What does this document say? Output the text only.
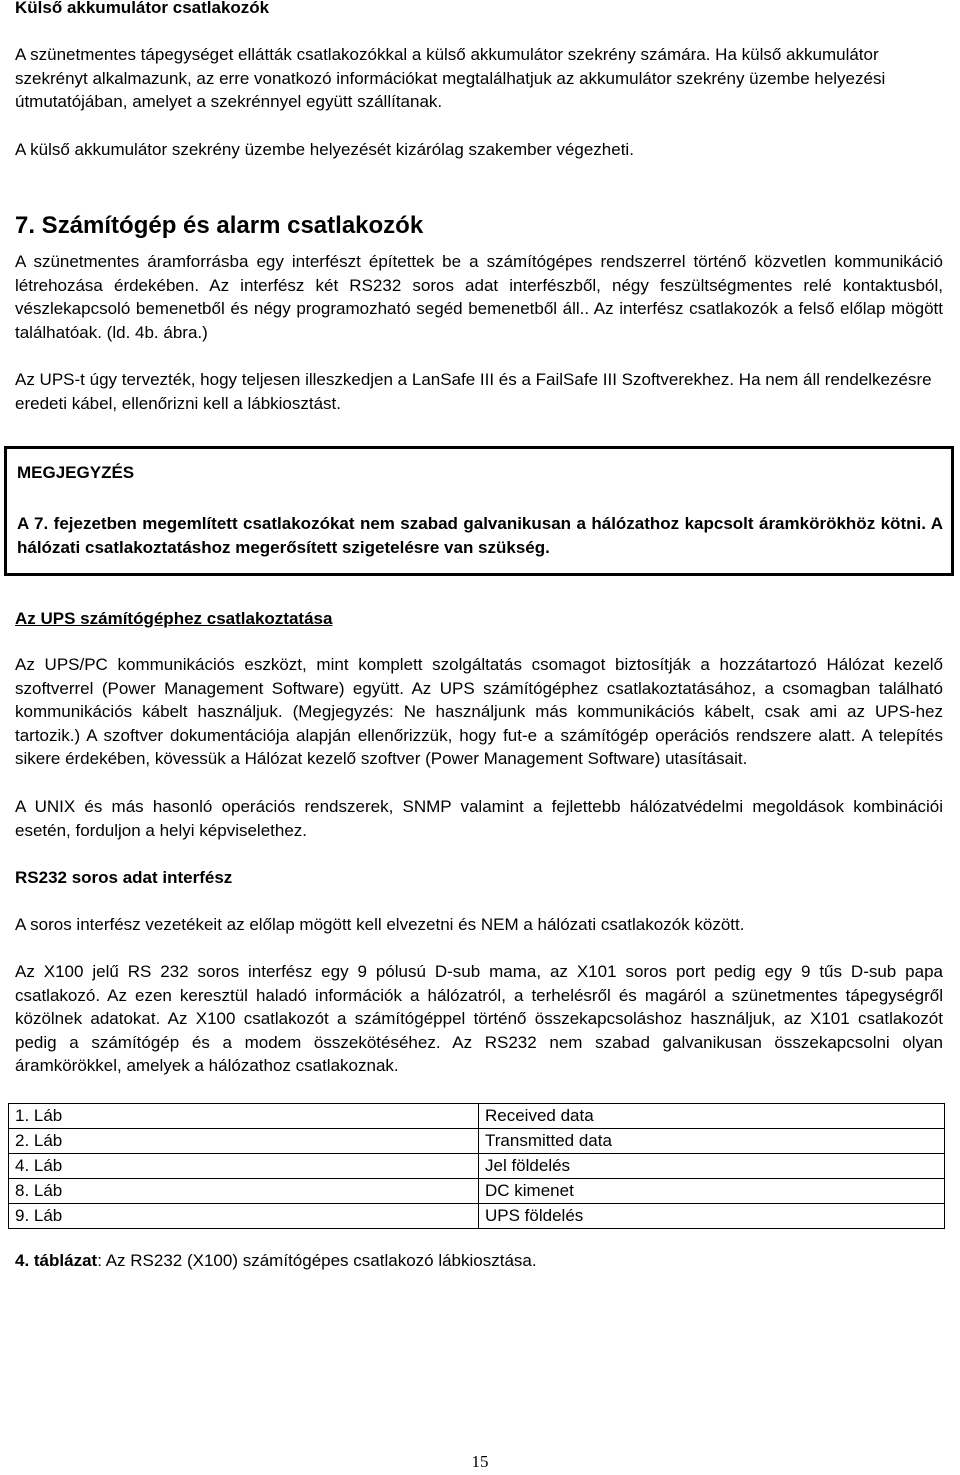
Külső akkumulátor csatlakozók

A szünetmentes tápegységet ellátták csatlakozókkal a külső akkumulátor szekrény számára. Ha külső akkumulátor szekrényt alkalmazunk, az erre vonatkozó információkat megtalálhatjuk az akkumulátor szekrény üzembe helyezési útmutatójában, amelyet a szekrénnyel együtt szállítanak.

A külső akkumulátor szekrény üzembe helyezését kizárólag szakember végezheti.

7. Számítógép és alarm csatlakozók

A szünetmentes áramforrásba egy interfészt építettek be a számítógépes rendszerrel történő közvetlen kommunikáció létrehozása érdekében. Az interfész két RS232 soros adat interfészből, négy feszültségmentes relé kontaktusból, vészlekapcsoló bemenetből és négy programozható segéd bemenetből áll.. Az interfész csatlakozók a felső előlap mögött találhatóak. (ld. 4b. ábra.)

Az UPS-t úgy tervezték, hogy teljesen illeszkedjen a LanSafe III és a FailSafe III Szoftverekhez. Ha nem áll rendelkezésre eredeti kábel, ellenőrizni kell a lábkiosztást.

MEGJEGYZÉS
A 7. fejezetben megemlített csatlakozókat nem szabad galvanikusan a hálózathoz kapcsolt áramkörökhöz kötni. A hálózati csatlakoztatáshoz megerősített szigetelésre van szükség.
Az UPS számítógéphez csatlakoztatása

Az UPS/PC kommunikációs eszközt, mint komplett szolgáltatás csomagot biztosítják a hozzátartozó Hálózat kezelő szoftverrel (Power Management Software) együtt. Az UPS számítógéphez csatlakoztatásához, a csomagban található kommunikációs kábelt használjuk. (Megjegyzés: Ne használjunk más kommunikációs kábelt, csak ami az UPS-hez tartozik.) A szoftver dokumentációja alapján ellenőrizzük, hogy fut-e a számítógép operációs rendszere alatt. A telepítés sikere érdekében, kövessük a Hálózat kezelő szoftver (Power Management Software) utasításait.

A UNIX és más hasonló operációs rendszerek, SNMP valamint a fejlettebb hálózatvédelmi megoldások kombinációi esetén, forduljon a helyi képviselethez.

RS232 soros adat interfész

A soros interfész vezetékeit az előlap mögött kell elvezetni és NEM a hálózati csatlakozók között.

Az X100 jelű RS 232 soros interfész egy 9 pólusú D-sub mama, az X101 soros port pedig egy 9 tűs D-sub papa csatlakozó. Az ezen keresztül haladó információk a hálózatról, a terhelésről és magáról a szünetmentes tápegységről közölnek adatokat. Az X100 csatlakozót a számítógéppel történő összekapcsoláshoz használjuk, az X101 csatlakozót pedig a számítógép és a modem összekötéséhez. Az RS232 nem szabad galvanikusan összekapcsolni olyan áramkörökkel, amelyek a hálózathoz csatlakoznak.

1. Láb	Received data
2. Láb	Transmitted data
4. Láb	Jel földelés
8. Láb	DC kimenet
9. Láb	UPS földelés
4. táblázat: Az RS232 (X100) számítógépes csatlakozó lábkiosztása.
15
